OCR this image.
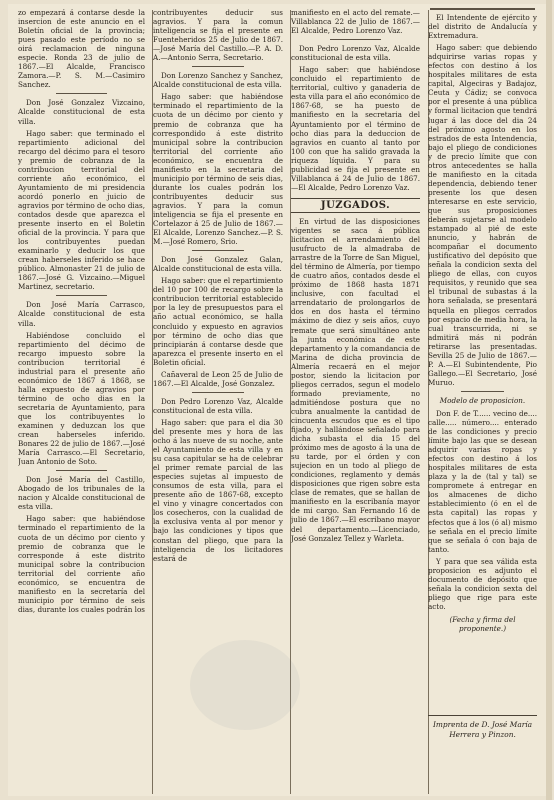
zo empezará á contarse desde la insercion de este anuncio en el Boletín oficial de la provincia; pues pasado este período no se oirá reclamacion de ninguna especie. Ronda 23 de julio de 1867.—El Alcalde, Francisco Zamora.—P. S. M.—Casimiro Sanchez.

Don José Gonzalez Vizcaino, Alcalde constitucional de esta villa.

Hago saber: que terminado el repartimiento adicional del recargo del décimo para el tesoro y premio de cobranza de la contribucion territorial del corriente año económico, el Ayuntamiento de mi presidencia acordó ponerlo en juicio de agravios por término de ocho dias, contados desde que aparezca el presente inserto en el Boletin oficial de la provincia. Y para que los contribuyentes puedan examinarlo y deducir los que crean haberseles inferido se hace público. Almonaster 21 de julio de 1867.—José G. Vizcaino.—Miguel Martinez, secretario.

Don José María Carrasco, Alcalde constitucional de esta villa.

Habiéndose concluido el repartimiento del décimo de recargo impuesto sobre la contribucion territorial é industrial para el presente año económico de 1867 á 1868, se halla expuesto de agravios por término de ocho dias en la secretaria de Ayuntamiento, para que los contribuyentes lo examinen y deduzcan los que crean haberseles inferido. Bonares 22 de julio de 1867.—José María Carrasco.—El Secretario, Juan Antonio de Soto.

Don José María del Castillo, Abogado de los tribunales de la nacion y Alcalde constitucional de esta villa.

Hago saber: que habiéndose terminado el repartimiento de la cuota de un décimo por ciento y premio de cobranza que le corresponde á este distrito municipal sobre la contribucion territorial del corriente año económico, se encuentra de manifiesto en la secretaría del municipio por término de seis dias, durante los cuales podrán los

contribuyentes deducir sus agravios. Y para la comun inteligencia se fija el presente en Fuenteheridos 25 de Julio de 1867.—José María del Castillo.—P. A. D. A.—Antonio Serra, Secretario.

Don Lorenzo Sanchez y Sanchez, Alcalde constitucional de esta villa.

Hago saber: que habiéndose terminado el repartimiento de la cuota de un décimo por ciento y premio de cobranza que ha correspondido á este distrito municipal sobre la contribucion territorial del corriente año económico, se encuentra de manifiesto en la secretaria del municipio por término de seis dias, durante los cuales podrán los contribuyentes deducir sus agravios. Y para la comun inteligencia se fija el presente en Cortelazor á 25 de Julio de 1867.—El Alcalde, Lorenzo Sanchez.—P. S. M.—José Romero, Srio.

Don José Gonzalez Galan, Alcalde constitucional de esta villa.

Hago saber: que el repartimiento del 10 por 100 de recargo sobre la contribucion territorial establecido por la ley de presupuestos para el año actual económico, se halla concluido y expuesto en agravios por término de ocho dias que principiarán á contarse desde que aparezca el presente inserto en el Boletin oficial.

Cañaveral de Leon 25 de Julio de 1867.—El Alcalde, José Gonzalez.

Don Pedro Lorenzo Vaz, Alcalde constitucional de esta villa.

Hago saber: que para el dia 30 del presente mes y hora de las ocho á las nueve de su noche, ante el Ayuntamiento de esta villa y en su casa capitular se ha de celebrar el primer remate parcial de las especies sujetas al impuesto de consumos de esta villa, para el presente año de 1867-68, excepto el vino y vinagre concertados con los cosecheros, con la cualidad de la exclusiva venta al por menor y bajo las condiciones y tipos que constan del pliego, que para la inteligencia de los licitadores estará de

manifiesto en el acto del remate.—Villablanca 22 de Julio de 1867.—El Alcalde, Pedro Lorenzo Vaz.

Don Pedro Lorenzo Vaz, Alcalde constitucional de esta villa.

Hago saber: que habiéndose concluido el repartimiento de territorial, cultivo y ganaderia de esta villa para el año económico de 1867-68, se ha puesto de manifiesto en la secretaria del Ayuntamiento por el término de ocho dias para la deduccion de agravios en cuanto al tanto por 100 con que ha salido gravada la riqueza líquida. Y para su publicidad se fija el presente en Villablanca á 24 de Julio de 1867.—El Alcalde, Pedro Lorenzo Vaz.

JUZGADOS.

En virtud de las disposiciones vigentes se saca á pública licitacion el arrendamiento del usufructo de la almadraba de arrastre de la Torre de San Miguel, del término de Almería, por tiempo de cuatro años, contados desde el próximo de 1868 hasta 1871 inclusive, con facultad el arrendatario de prolongarlos de dos en dos hasta el término máximo de diez y seis años, cuyo remate que será simultáneo ante la junta económica de este departamento y la comandancia de Marina de dicha provincia de Almería recaerá en el mejor postor, siendo la licitacion por pliegos cerrados, segun el modelo formado previamente, no admitiéndose postura que no cubra anualmente la cantidad de cincuenta escudos que es el tipo fijado, y hallándose señalado para dicha subasta el dia 15 del próximo mes de agosto á la una de su tarde, por el órden y con sujecion en un todo al pliego de condiciones, reglamento y demás disposiciones que rigen sobre esta clase de remates, que se hallan de manifiesto en la escribanía mayor de mi cargo. San Fernando 16 de julio de 1867.—El escribano mayor del departamento.—Licenciado, José Gonzalez Tellez y Warleta.

El Intendente de ejército y del distrito de Andalucía y Extremadura.

Hago saber: que debiendo adquirirse varias ropas y efectos con destino á los hospitales militares de esta capital, Algeciras y Badajoz, Ceuta y Cádiz; se convoca por el presente á una pública y formal licitacion que tendrá lugar á las doce del dia 24 del próximo agosto en los estrados de esta Intendencia, bajo el pliego de condiciones y de precio límite que con otros antecedentes se halla de manifiesto en la citada dependencia, debiendo tener presente los que desen interesarse en este servicio, que sus proposiciones deberán sujetarse al modelo estampado al pié de este anuncio, y habrán de acompañar el documento justificativo del depósito que señala la condicion sexta del pliego de ellas, con cuyos requisitos, y reunido que sea el tribunal de subastas á la hora señalada, se presentará aquella en pliegos cerrados por espacio de media hora, la cual transcurrida, ni se admitirá más ni podrán retirarse las presentadas. Sevilla 25 de Julio de 1867.—P. A.—El Subintendente, Pio Gallego.—El Secretario, José Muruo.

Modelo de proposicion.

Don F. de T...... vecino de.... calle..... número.... enterado de las condiciones y precio límite bajo las que se desean adquirir varias ropas y efectos con destino á los hospitales militares de esta plaza y la de (tal y tal) se compromete á entregar en los almacenes de dicho establecimiento (ó en el de esta capital) las ropas y efectos que á los (ó al) mismo se señala en el precio límite que se señala ó con baja de tanto.

Y para que sea válida esta proposicion es adjunto el documento de depósito que señala la condicion sexta del pliego que rige para este acto.

(Fecha y firma del proponente.)

Imprenta de D. José María
Herrera y Pinzon.
